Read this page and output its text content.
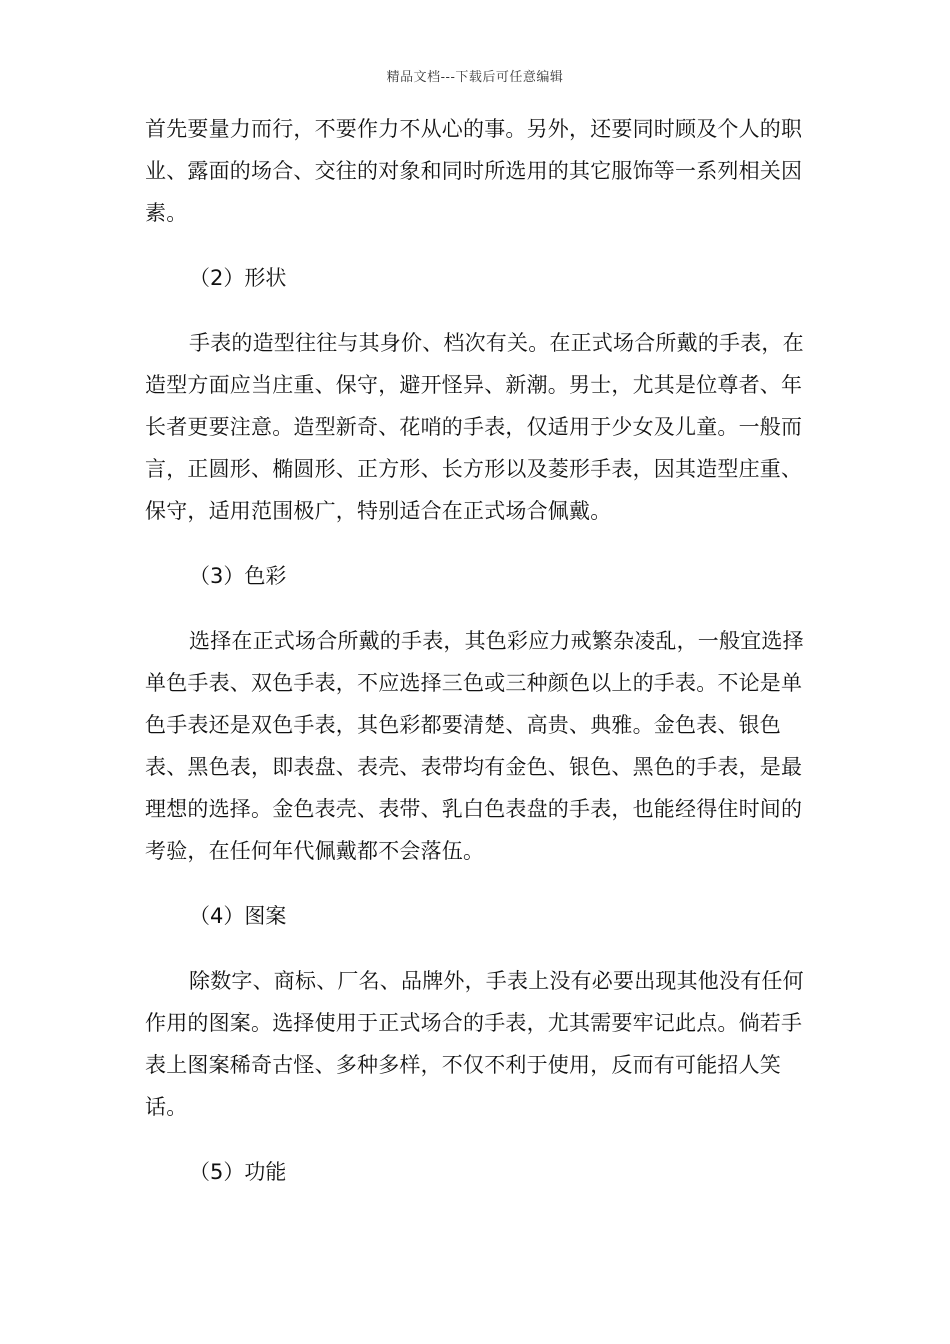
精品文档---下载后可任意编辑

首先要量力而行，不要作力不从心的事。另外，还要同时顾及个人的职业、露面的场合、交往的对象和同时所选用的其它服饰等一系列相关因素。

（2）形状

手表的造型往往与其身价、档次有关。在正式场合所戴的手表，在造型方面应当庄重、保守，避开怪异、新潮。男士，尤其是位尊者、年长者更要注意。造型新奇、花哨的手表，仅适用于少女及儿童。一般而言，正圆形、椭圆形、正方形、长方形以及菱形手表，因其造型庄重、保守，适用范围极广，特别适合在正式场合佩戴。

（3）色彩

选择在正式场合所戴的手表，其色彩应力戒繁杂凌乱，一般宜选择单色手表、双色手表，不应选择三色或三种颜色以上的手表。不论是单色手表还是双色手表，其色彩都要清楚、高贵、典雅。金色表、银色表、黑色表，即表盘、表壳、表带均有金色、银色、黑色的手表，是最理想的选择。金色表壳、表带、乳白色表盘的手表，也能经得住时间的考验，在任何年代佩戴都不会落伍。

（4）图案

除数字、商标、厂名、品牌外，手表上没有必要出现其他没有任何作用的图案。选择使用于正式场合的手表，尤其需要牢记此点。倘若手表上图案稀奇古怪、多种多样，不仅不利于使用，反而有可能招人笑话。

（5）功能
